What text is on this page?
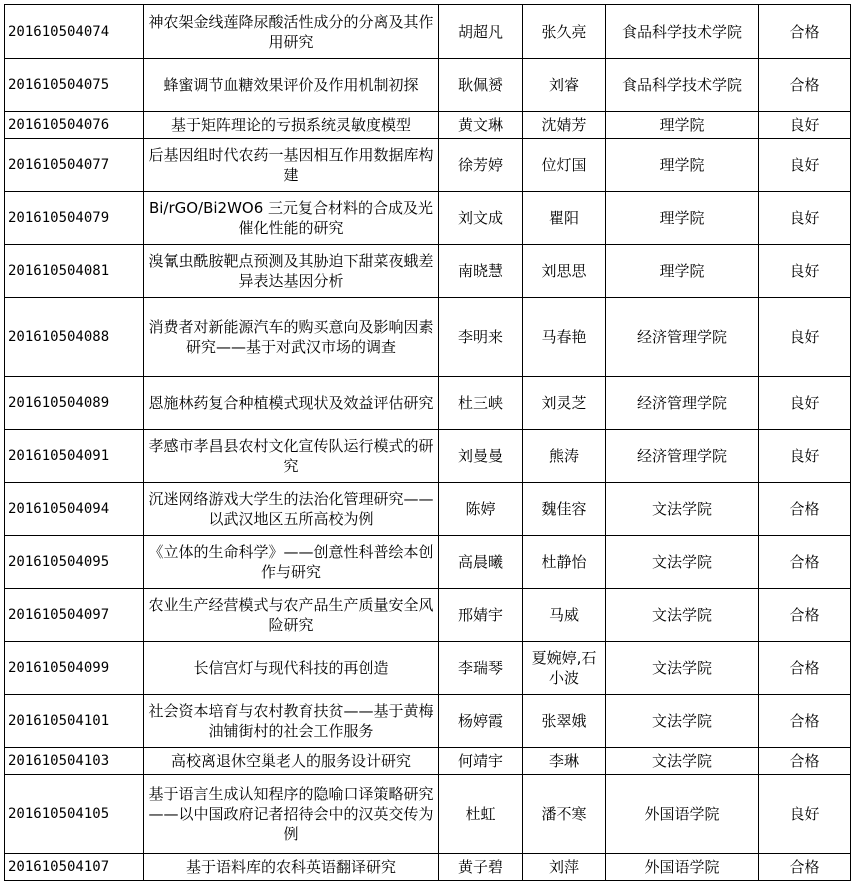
201610504074	神农架金线莲降尿酸活性成分的分离及其作用研究	胡超凡	张久亮	食品科学技术学院	合格
201610504075	蜂蜜调节血糖效果评价及作用机制初探	耿佩赟	刘睿	食品科学技术学院	合格
201610504076	基于矩阵理论的亏损系统灵敏度模型	黄文琳	沈婧芳	理学院	良好
201610504077	后基因组时代农药一基因相互作用数据库构建	徐芳婷	位灯国	理学院	良好
201610504079	Bi/rGO/Bi2WO6 三元复合材料的合成及光催化性能的研究	刘文成	瞿阳	理学院	良好
201610504081	溴氰虫酰胺靶点预测及其胁迫下甜菜夜蛾差异表达基因分析	南晓慧	刘思思	理学院	良好
201610504088	消费者对新能源汽车的购买意向及影响因素研究——基于对武汉市场的调查	李明来	马春艳	经济管理学院	良好
201610504089	恩施林药复合种植模式现状及效益评估研究	杜三峡	刘灵芝	经济管理学院	良好
201610504091	孝感市孝昌县农村文化宣传队运行模式的研究	刘曼曼	熊涛	经济管理学院	良好
201610504094	沉迷网络游戏大学生的法治化管理研究——以武汉地区五所高校为例	陈婷	魏佳容	文法学院	合格
201610504095	《立体的生命科学》——创意性科普绘本创作与研究	高晨曦	杜静怡	文法学院	合格
201610504097	农业生产经营模式与农产品生产质量安全风险研究	邢婧宇	马威	文法学院	合格
201610504099	长信宫灯与现代科技的再创造	李瑞琴	夏婉婷,石小波	文法学院	合格
201610504101	社会资本培育与农村教育扶贫——基于黄梅油铺街村的社会工作服务	杨婷霞	张翠娥	文法学院	合格
201610504103	高校离退休空巢老人的服务设计研究	何靖宇	李琳	文法学院	合格
201610504105	基于语言生成认知程序的隐喻口译策略研究——以中国政府记者招待会中的汉英交传为例	杜虹	潘不寒	外国语学院	良好
201610504107	基于语料库的农科英语翻译研究	黄子碧	刘萍	外国语学院	合格
